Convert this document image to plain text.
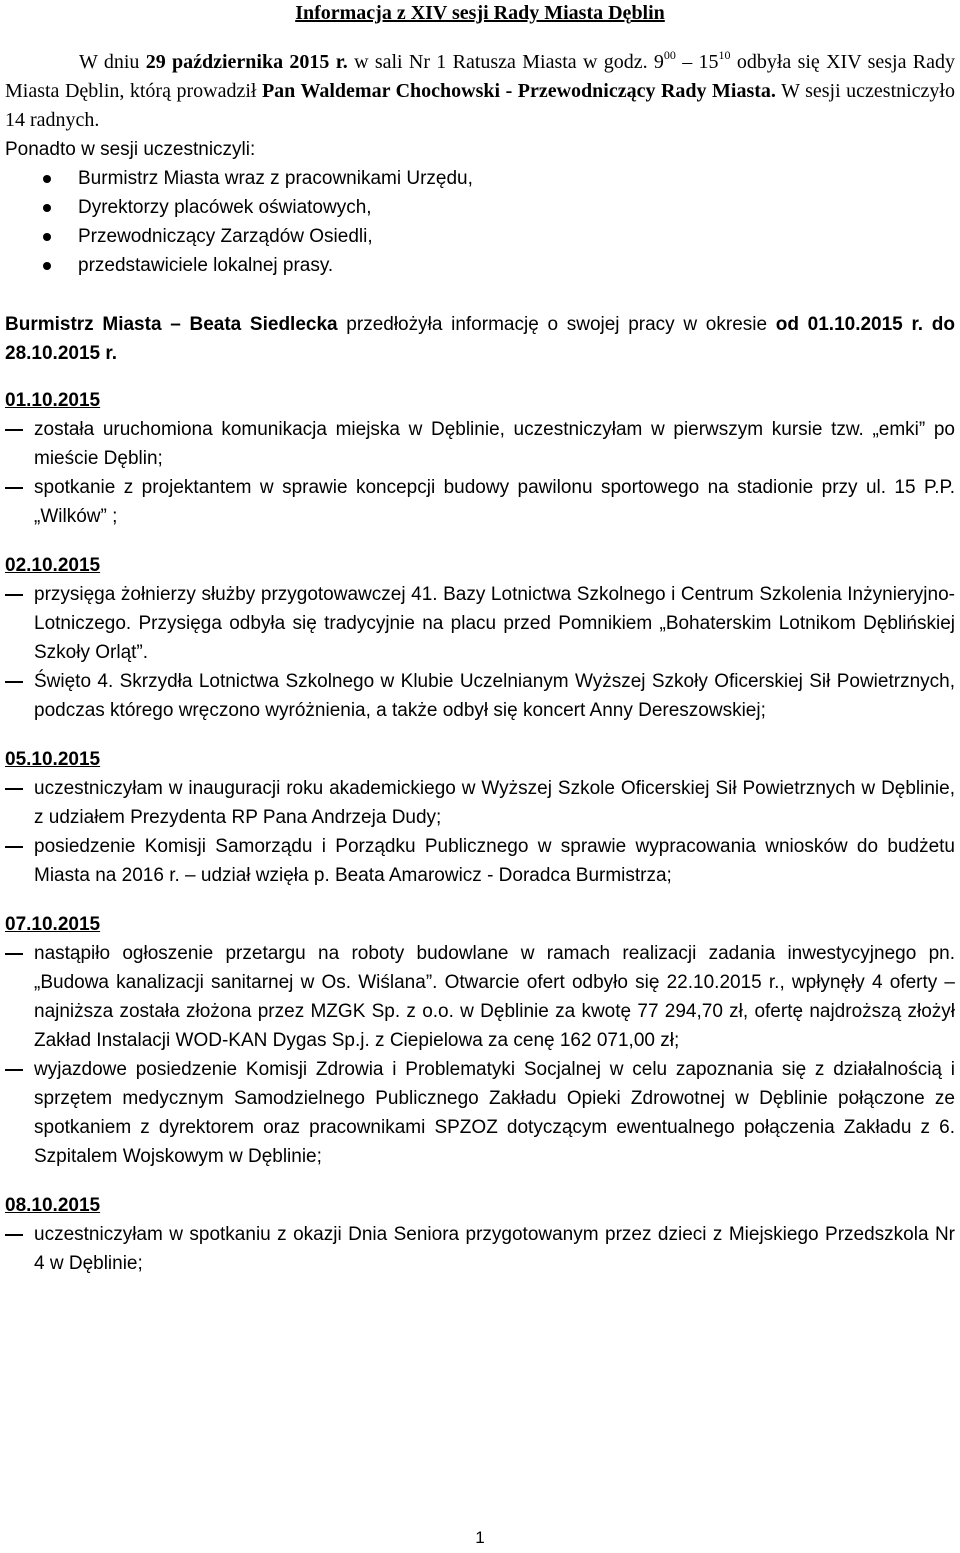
Informacja z XIV sesji Rady Miasta Dęblin

W dniu 29 października 2015 r. w sali Nr 1 Ratusza Miasta w godz. $9^{00} - 15^{10}$ odbyła się XIV sesja Rady Miasta Dęblin, którą prowadził Pan Waldemar Chochowski - Przewodniczący Rady Miasta. W sesji uczestniczyło 14 radnych.

Ponadto w sesji uczestniczyli:
Burmistrz Miasta wraz z pracownikami Urzędu,
Dyrektorzy placówek oświatowych,
Przewodniczący Zarządów Osiedli,
przedstawiciele lokalnej prasy.

Burmistrz Miasta – Beata Siedlecka przedłożyła informację o swojej pracy w okresie od 01.10.2015 r. do 28.10.2015 r.

01.10.2015

została uruchomiona komunikacja miejska w Dęblinie, uczestniczyłam w pierwszym kursie tzw. „emki” po mieście Dęblin;
spotkanie z projektantem w sprawie koncepcji budowy pawilonu sportowego na stadionie przy ul. 15 P.P. „Wilków” ;

02.10.2015

przysięga żołnierzy służby przygotowawczej 41. Bazy Lotnictwa Szkolnego i Centrum Szkolenia Inżynieryjno-Lotniczego. Przysięga odbyła się tradycyjnie na placu przed Pomnikiem „Bohaterskim Lotnikom Dęblińskiej Szkoły Orląt”.
Święto 4. Skrzydła Lotnictwa Szkolnego w Klubie Uczelnianym Wyższej Szkoły Oficerskiej Sił Powietrznych, podczas którego wręczono wyróżnienia, a także odbył się koncert Anny Dereszowskiej;

05.10.2015

uczestniczyłam w inauguracji roku akademickiego w Wyższej Szkole Oficerskiej Sił Powietrznych w Dęblinie, z udziałem Prezydenta RP Pana Andrzeja Dudy;
posiedzenie Komisji Samorządu i Porządku Publicznego w sprawie wypracowania wniosków do budżetu Miasta na 2016 r. – udział wzięła p. Beata Amarowicz - Doradca Burmistrza;

07.10.2015

nastąpiło ogłoszenie przetargu na roboty budowlane w ramach realizacji zadania inwestycyjnego pn. „Budowa kanalizacji sanitarnej w Os. Wiślana”. Otwarcie ofert odbyło się 22.10.2015 r., wpłynęły 4 oferty – najniższa została złożona przez MZGK Sp. z o.o. w Dęblinie za kwotę 77 294,70 zł, ofertę najdroższą złożył Zakład Instalacji WOD-KAN Dygas Sp.j. z Ciepielowa za cenę 162 071,00 zł;
wyjazdowe posiedzenie Komisji Zdrowia i Problematyki Socjalnej w celu zapoznania się z działalnością i sprzętem medycznym Samodzielnego Publicznego Zakładu Opieki Zdrowotnej w Dęblinie połączone ze spotkaniem z dyrektorem oraz pracownikami SPZOZ dotyczącym ewentualnego połączenia Zakładu z 6. Szpitalem Wojskowym w Dęblinie;

08.10.2015

uczestniczyłam w spotkaniu z okazji Dnia Seniora przygotowanym przez dzieci z Miejskiego Przedszkola Nr 4 w Dęblinie;
1
